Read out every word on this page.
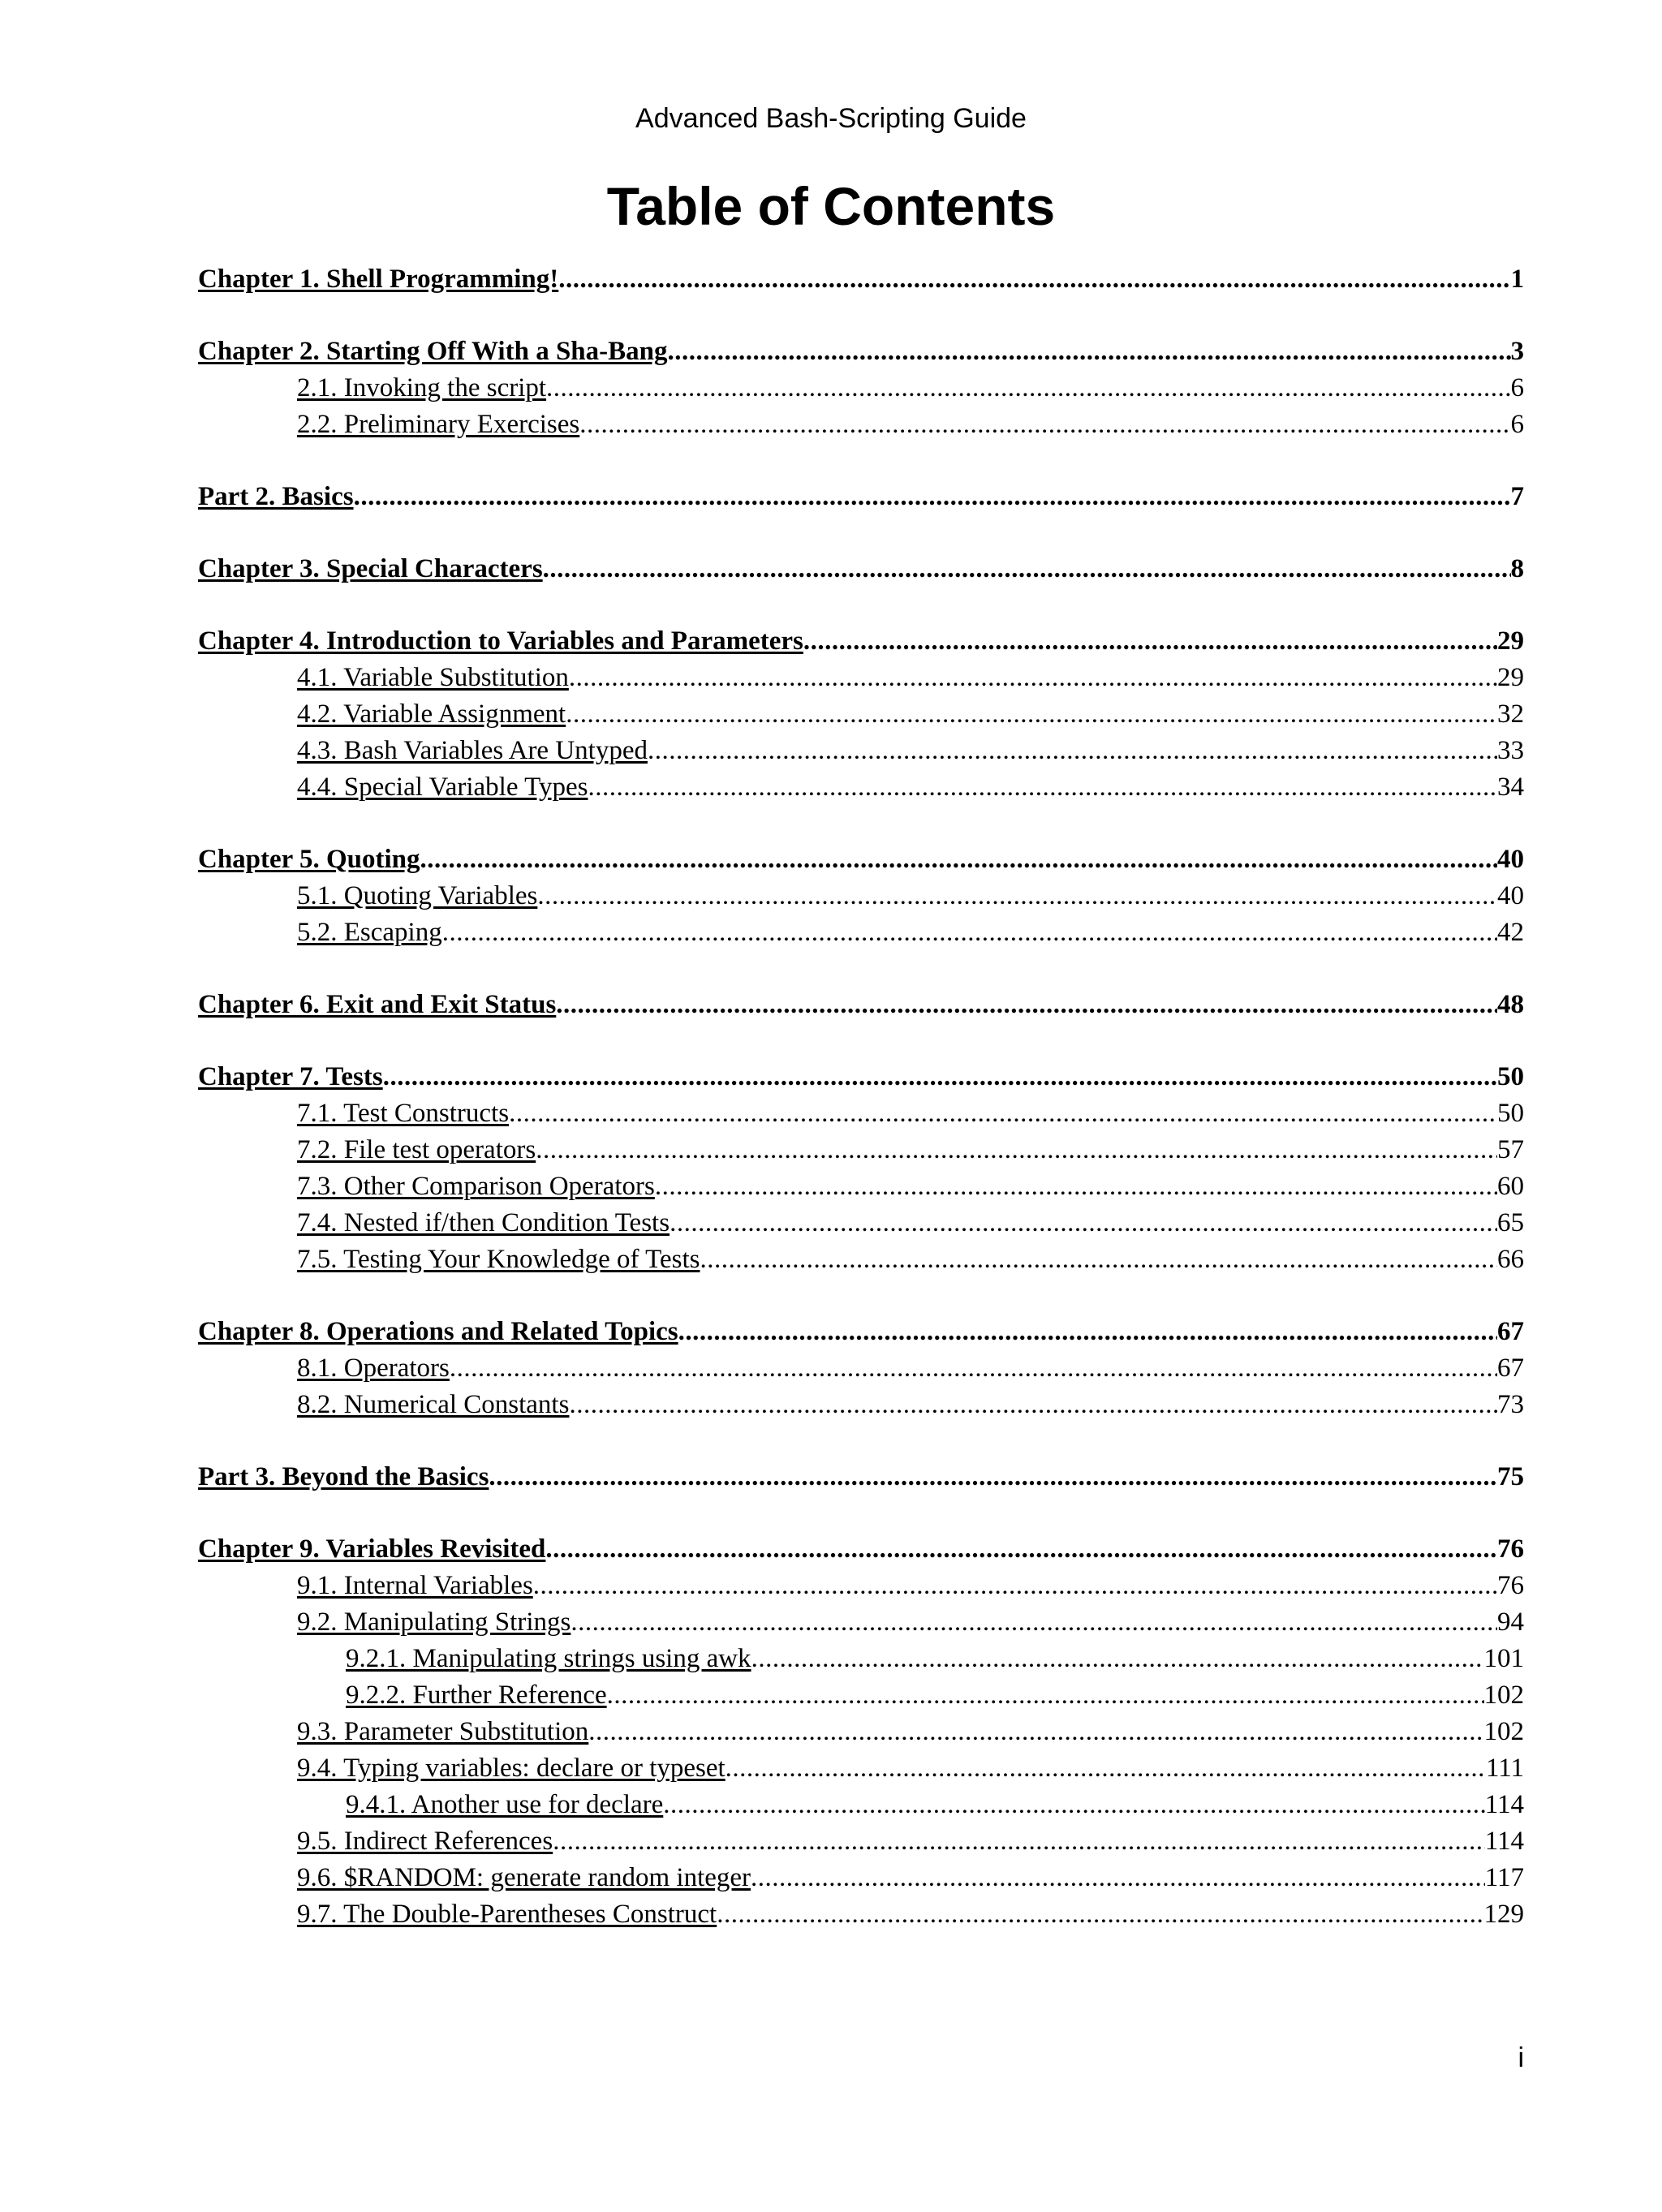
Advanced Bash-Scripting Guide
Table of Contents
Chapter 1. Shell Programming! .....	1
Chapter 2. Starting Off With a Sha-Bang .....	3
2.1. Invoking the script .....	6
2.2. Preliminary Exercises .....	6
Part 2. Basics .....	7
Chapter 3. Special Characters .....	8
Chapter 4. Introduction to Variables and Parameters .....	29
4.1. Variable Substitution .....	29
4.2. Variable Assignment .....	32
4.3. Bash Variables Are Untyped .....	33
4.4. Special Variable Types .....	34
Chapter 5. Quoting .....	40
5.1. Quoting Variables .....	40
5.2. Escaping .....	42
Chapter 6. Exit and Exit Status .....	48
Chapter 7. Tests .....	50
7.1. Test Constructs .....	50
7.2. File test operators .....	57
7.3. Other Comparison Operators .....	60
7.4. Nested if/then Condition Tests .....	65
7.5. Testing Your Knowledge of Tests .....	66
Chapter 8. Operations and Related Topics .....	67
8.1. Operators .....	67
8.2. Numerical Constants .....	73
Part 3. Beyond the Basics .....	75
Chapter 9. Variables Revisited .....	76
9.1. Internal Variables .....	76
9.2. Manipulating Strings .....	94
9.2.1. Manipulating strings using awk .....	101
9.2.2. Further Reference .....	102
9.3. Parameter Substitution .....	102
9.4. Typing variables: declare or typeset .....	111
9.4.1. Another use for declare .....	114
9.5. Indirect References .....	114
9.6. $RANDOM: generate random integer .....	117
9.7. The Double-Parentheses Construct .....	129
i
